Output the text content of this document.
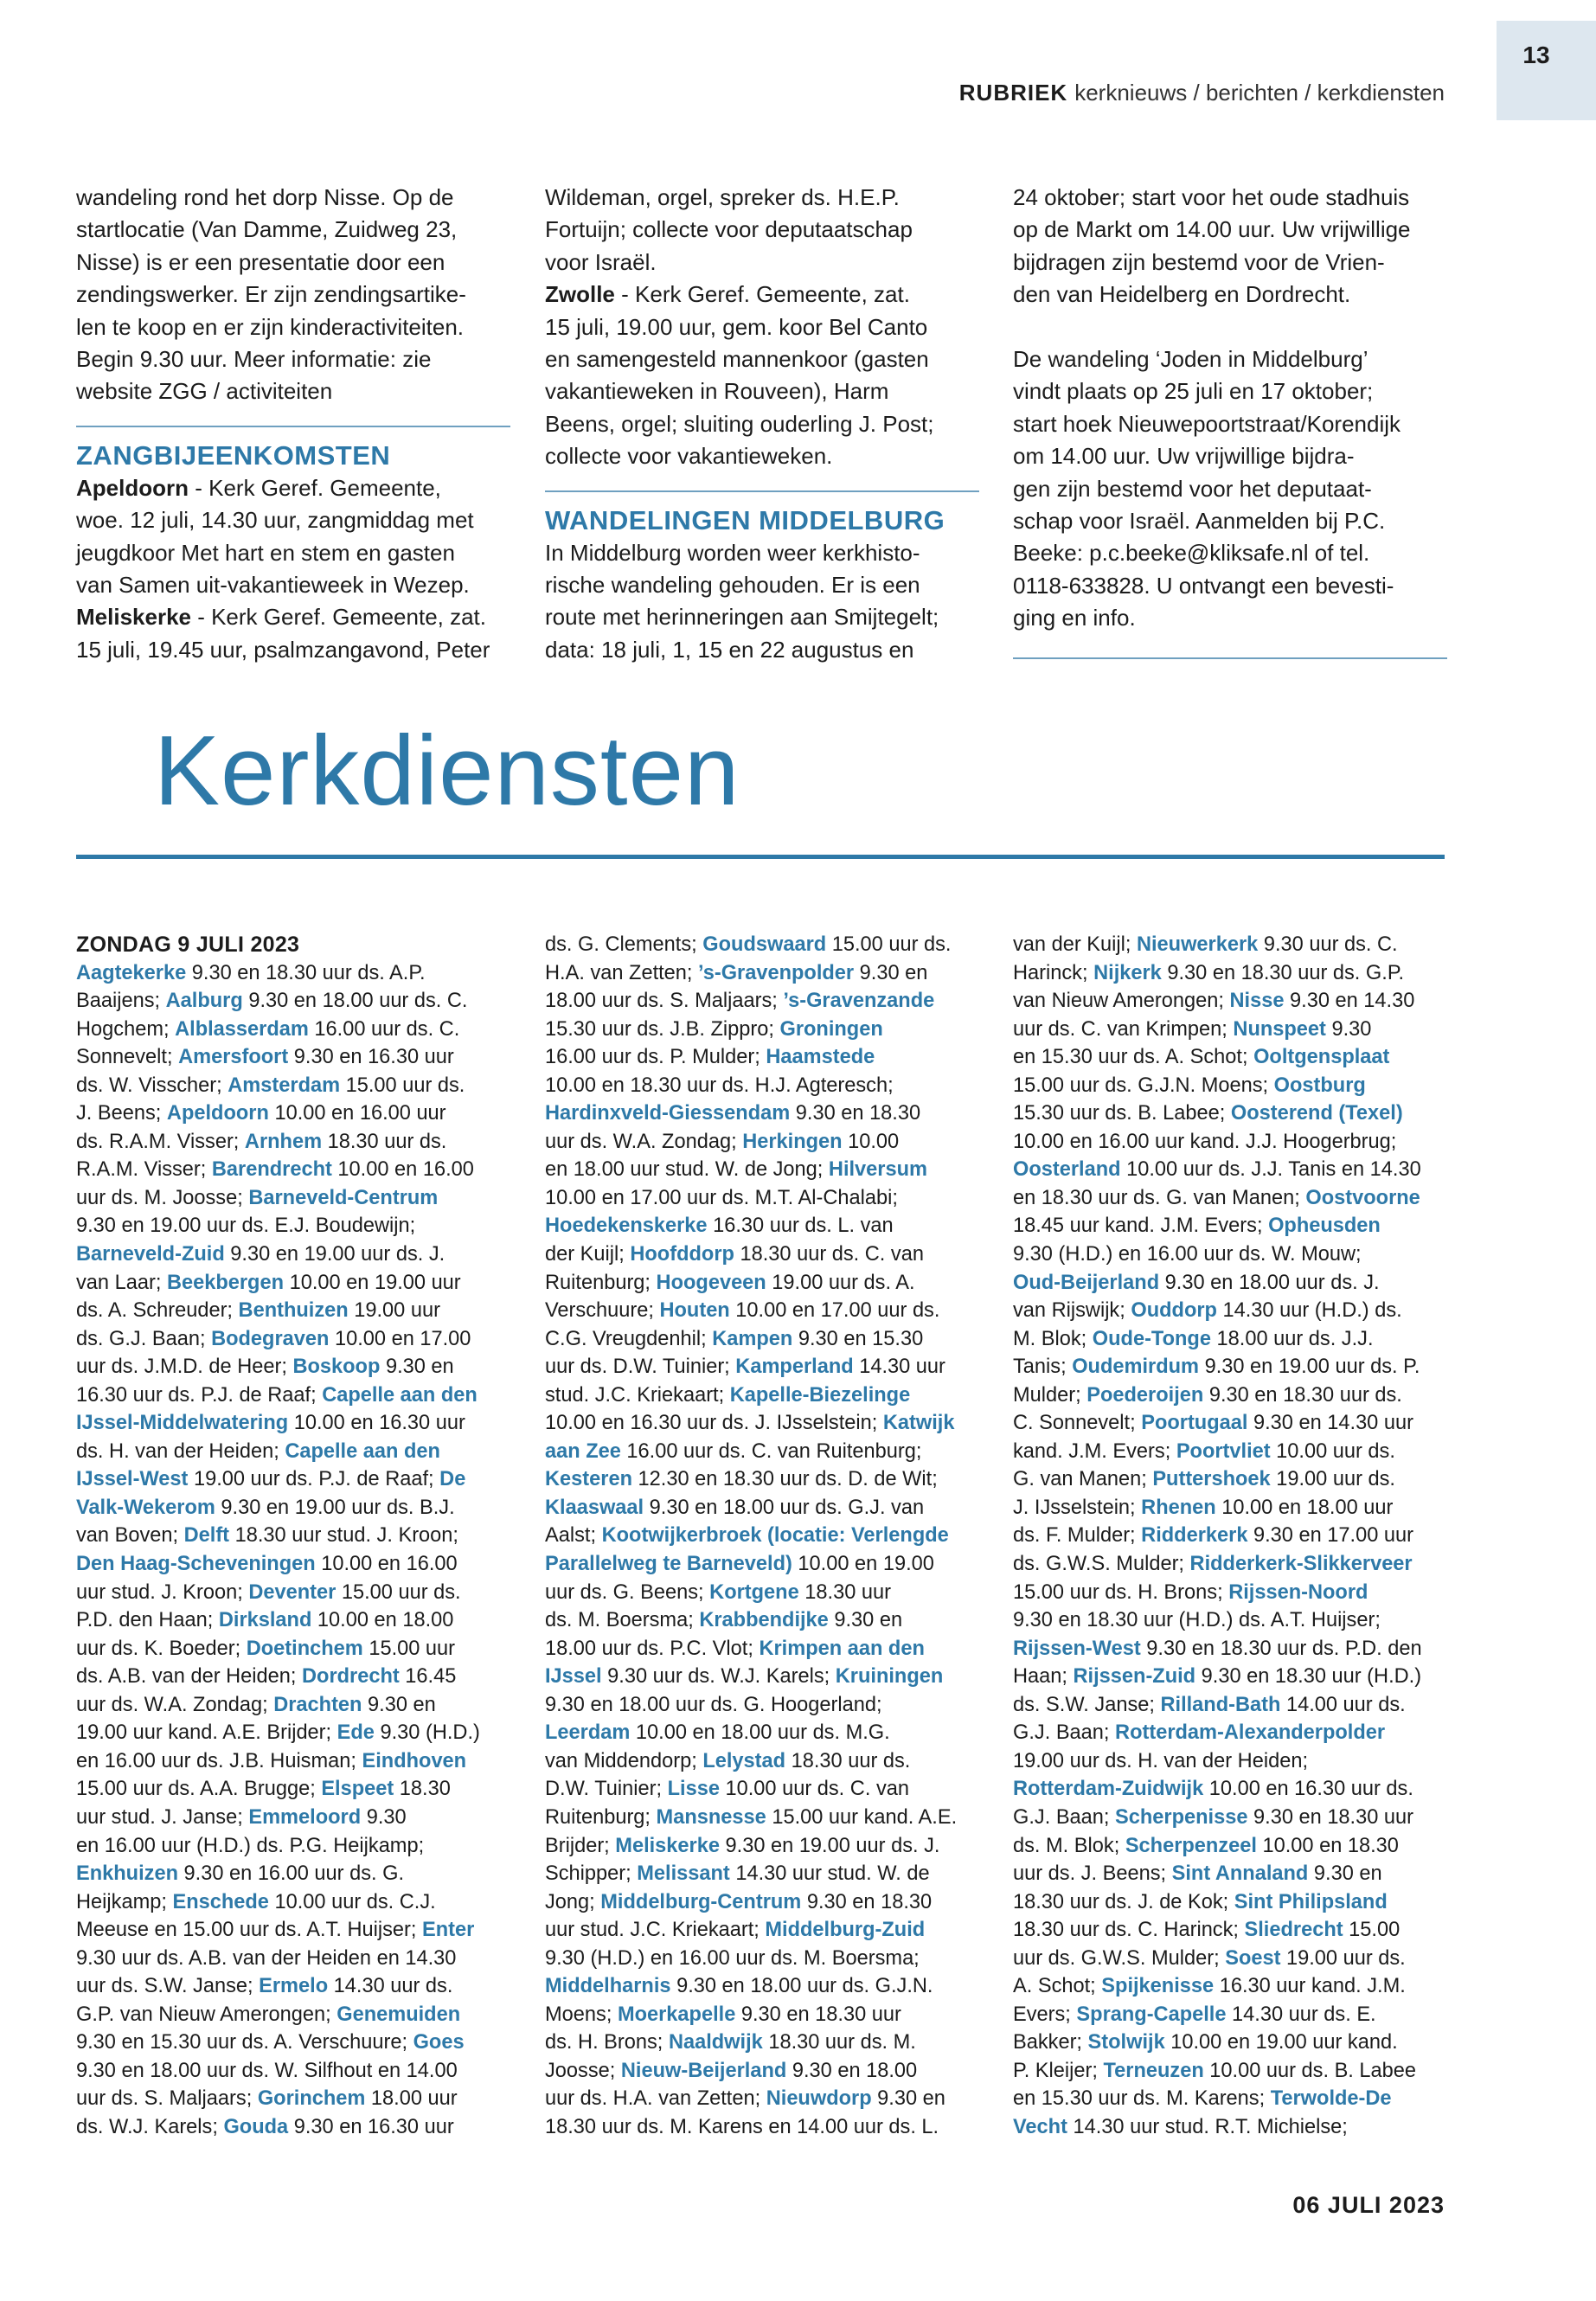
13
RUBRIEK kerknieuws / berichten / kerkdiensten

wandeling rond het dorp Nisse. Op de

startlocatie (Van Damme, Zuidweg 23,

Nisse) is er een presentatie door een

zendingswerker. Er zijn zendingsartike-

len te koop en er zijn kinderactiviteiten.

Begin 9.30 uur. Meer informatie: zie

website ZGG / activiteiten

ZANGBIJEENKOMSTEN

Apeldoorn - Kerk Geref. Gemeente,

woe. 12 juli, 14.30 uur, zangmiddag met

jeugdkoor Met hart en stem en gasten

van Samen uit-vakantieweek in Wezep.

Meliskerke - Kerk Geref. Gemeente, zat.

15 juli, 19.45 uur, psalmzangavond, Peter

Wildeman, orgel, spreker ds. H.E.P.

Fortuijn; collecte voor deputaatschap

voor Israël.

Zwolle - Kerk Geref. Gemeente, zat.

15 juli, 19.00 uur, gem. koor Bel Canto

en samengesteld mannenkoor (gasten

vakantieweken in Rouveen), Harm

Beens, orgel; sluiting ouderling J. Post;

collecte voor vakantieweken.

WANDELINGEN MIDDELBURG

In Middelburg worden weer kerkhisto-

rische wandeling gehouden. Er is een

route met herinneringen aan Smijtegelt;

data: 18 juli, 1, 15 en 22 augustus en

24 oktober; start voor het oude stadhuis

op de Markt om 14.00 uur. Uw vrijwillige

bijdragen zijn bestemd voor de Vrien-

den van Heidelberg en Dordrecht.

De wandeling ‘Joden in Middelburg’

vindt plaats op 25 juli en 17 oktober;

start hoek Nieuwepoortstraat/Korendijk

om 14.00 uur. Uw vrijwillige bijdra-

gen zijn bestemd voor het deputaat-

schap voor Israël. Aanmelden bij P.C.

Beeke: p.c.beeke@kliksafe.nl of tel.

0118-633828. U ontvangt een bevesti-

ging en info.

Kerkdiensten
ZONDAG 9 JULI 2023
Aagtekerke 9.30 en 18.30 uur ds. A.P.
Baaijens; Aalburg 9.30 en 18.00 uur ds. C.
Hogchem; Alblasserdam 16.00 uur ds. C.
Sonnevelt; Amersfoort 9.30 en 16.30 uur
ds. W. Visscher; Amsterdam 15.00 uur ds.
J. Beens; Apeldoorn 10.00 en 16.00 uur
ds. R.A.M. Visser; Arnhem 18.30 uur ds.
R.A.M. Visser; Barendrecht 10.00 en 16.00
uur ds. M. Joosse; Barneveld-Centrum
9.30 en 19.00 uur ds. E.J. Boudewijn;
Barneveld-Zuid 9.30 en 19.00 uur ds. J.
van Laar; Beekbergen 10.00 en 19.00 uur
ds. A. Schreuder; Benthuizen 19.00 uur
ds. G.J. Baan; Bodegraven 10.00 en 17.00
uur ds. J.M.D. de Heer; Boskoop 9.30 en
16.30 uur ds. P.J. de Raaf; Capelle aan den
IJssel-Middelwatering 10.00 en 16.30 uur
ds. H. van der Heiden; Capelle aan den
IJssel-West 19.00 uur ds. P.J. de Raaf; De
Valk-Wekerom 9.30 en 19.00 uur ds. B.J.
van Boven; Delft 18.30 uur stud. J. Kroon;
Den Haag-Scheveningen 10.00 en 16.00
uur stud. J. Kroon; Deventer 15.00 uur ds.
P.D. den Haan; Dirksland 10.00 en 18.00
uur ds. K. Boeder; Doetinchem 15.00 uur
ds. A.B. van der Heiden; Dordrecht 16.45
uur ds. W.A. Zondag; Drachten 9.30 en
19.00 uur kand. A.E. Brijder; Ede 9.30 (H.D.)
en 16.00 uur ds. J.B. Huisman; Eindhoven
15.00 uur ds. A.A. Brugge; Elspeet 18.30
uur stud. J. Janse; Emmeloord 9.30
en 16.00 uur (H.D.) ds. P.G. Heijkamp;
Enkhuizen 9.30 en 16.00 uur ds. G.
Heijkamp; Enschede 10.00 uur ds. C.J.
Meeuse en 15.00 uur ds. A.T. Huijser; Enter
9.30 uur ds. A.B. van der Heiden en 14.30
uur ds. S.W. Janse; Ermelo 14.30 uur ds.
G.P. van Nieuw Amerongen; Genemuiden
9.30 en 15.30 uur ds. A. Verschuure; Goes
9.30 en 18.00 uur ds. W. Silfhout en 14.00
uur ds. S. Maljaars; Gorinchem 18.00 uur
ds. W.J. Karels; Gouda 9.30 en 16.30 uur
ds. G. Clements; Goudswaard 15.00 uur ds.
H.A. van Zetten; ’s-Gravenpolder 9.30 en
18.00 uur ds. S. Maljaars; ’s-Gravenzande
15.30 uur ds. J.B. Zippro; Groningen
16.00 uur ds. P. Mulder; Haamstede
10.00 en 18.30 uur ds. H.J. Agteresch;
Hardinxveld-Giessendam 9.30 en 18.30
uur ds. W.A. Zondag; Herkingen 10.00
en 18.00 uur stud. W. de Jong; Hilversum
10.00 en 17.00 uur ds. M.T. Al-Chalabi;
Hoedekenskerke 16.30 uur ds. L. van
der Kuijl; Hoofddorp 18.30 uur ds. C. van
Ruitenburg; Hoogeveen 19.00 uur ds. A.
Verschuure; Houten 10.00 en 17.00 uur ds.
C.G. Vreugdenhil; Kampen 9.30 en 15.30
uur ds. D.W. Tuinier; Kamperland 14.30 uur
stud. J.C. Kriekaart; Kapelle-Biezelinge
10.00 en 16.30 uur ds. J. IJsselstein; Katwijk
aan Zee 16.00 uur ds. C. van Ruitenburg;
Kesteren 12.30 en 18.30 uur ds. D. de Wit;
Klaaswaal 9.30 en 18.00 uur ds. G.J. van
Aalst; Kootwijkerbroek (locatie: Verlengde
Parallelweg te Barneveld) 10.00 en 19.00
uur ds. G. Beens; Kortgene 18.30 uur
ds. M. Boersma; Krabbendijke 9.30 en
18.00 uur ds. P.C. Vlot; Krimpen aan den
IJssel 9.30 uur ds. W.J. Karels; Kruiningen
9.30 en 18.00 uur ds. G. Hoogerland;
Leerdam 10.00 en 18.00 uur ds. M.G.
van Middendorp; Lelystad 18.30 uur ds.
D.W. Tuinier; Lisse 10.00 uur ds. C. van
Ruitenburg; Mansnesse 15.00 uur kand. A.E.
Brijder; Meliskerke 9.30 en 19.00 uur ds. J.
Schipper; Melissant 14.30 uur stud. W. de
Jong; Middelburg-Centrum 9.30 en 18.30
uur stud. J.C. Kriekaart; Middelburg-Zuid
9.30 (H.D.) en 16.00 uur ds. M. Boersma;
Middelharnis 9.30 en 18.00 uur ds. G.J.N.
Moens; Moerkapelle 9.30 en 18.30 uur
ds. H. Brons; Naaldwijk 18.30 uur ds. M.
Joosse; Nieuw-Beijerland 9.30 en 18.00
uur ds. H.A. van Zetten; Nieuwdorp 9.30 en
18.30 uur ds. M. Karens en 14.00 uur ds. L.
van der Kuijl; Nieuwerkerk 9.30 uur ds. C.
Harinck; Nijkerk 9.30 en 18.30 uur ds. G.P.
van Nieuw Amerongen; Nisse 9.30 en 14.30
uur ds. C. van Krimpen; Nunspeet 9.30
en 15.30 uur ds. A. Schot; Ooltgensplaat
15.00 uur ds. G.J.N. Moens; Oostburg
15.30 uur ds. B. Labee; Oosterend (Texel)
10.00 en 16.00 uur kand. J.J. Hoogerbrug;
Oosterland 10.00 uur ds. J.J. Tanis en 14.30
en 18.30 uur ds. G. van Manen; Oostvoorne
18.45 uur kand. J.M. Evers; Opheusden
9.30 (H.D.) en 16.00 uur ds. W. Mouw;
Oud-Beijerland 9.30 en 18.00 uur ds. J.
van Rijswijk; Ouddorp 14.30 uur (H.D.) ds.
M. Blok; Oude-Tonge 18.00 uur ds. J.J.
Tanis; Oudemirdum 9.30 en 19.00 uur ds. P.
Mulder; Poederoijen 9.30 en 18.30 uur ds.
C. Sonnevelt; Poortugaal 9.30 en 14.30 uur
kand. J.M. Evers; Poortvliet 10.00 uur ds.
G. van Manen; Puttershoek 19.00 uur ds.
J. IJsselstein; Rhenen 10.00 en 18.00 uur
ds. F. Mulder; Ridderkerk 9.30 en 17.00 uur
ds. G.W.S. Mulder; Ridderkerk-Slikkerveer
15.00 uur ds. H. Brons; Rijssen-Noord
9.30 en 18.30 uur (H.D.) ds. A.T. Huijser;
Rijssen-West 9.30 en 18.30 uur ds. P.D. den
Haan; Rijssen-Zuid 9.30 en 18.30 uur (H.D.)
ds. S.W. Janse; Rilland-Bath 14.00 uur ds.
G.J. Baan; Rotterdam-Alexanderpolder
19.00 uur ds. H. van der Heiden;
Rotterdam-Zuidwijk 10.00 en 16.30 uur ds.
G.J. Baan; Scherpenisse 9.30 en 18.30 uur
ds. M. Blok; Scherpenzeel 10.00 en 18.30
uur ds. J. Beens; Sint Annaland 9.30 en
18.30 uur ds. J. de Kok; Sint Philipsland
18.30 uur ds. C. Harinck; Sliedrecht 15.00
uur ds. G.W.S. Mulder; Soest 19.00 uur ds.
A. Schot; Spijkenisse 16.30 uur kand. J.M.
Evers; Sprang-Capelle 14.30 uur ds. E.
Bakker; Stolwijk 10.00 en 19.00 uur kand.
P. Kleijer; Terneuzen 10.00 uur ds. B. Labee
en 15.30 uur ds. M. Karens; Terwolde-De
Vecht 14.30 uur stud. R.T. Michielse;
06 JULI 2023
